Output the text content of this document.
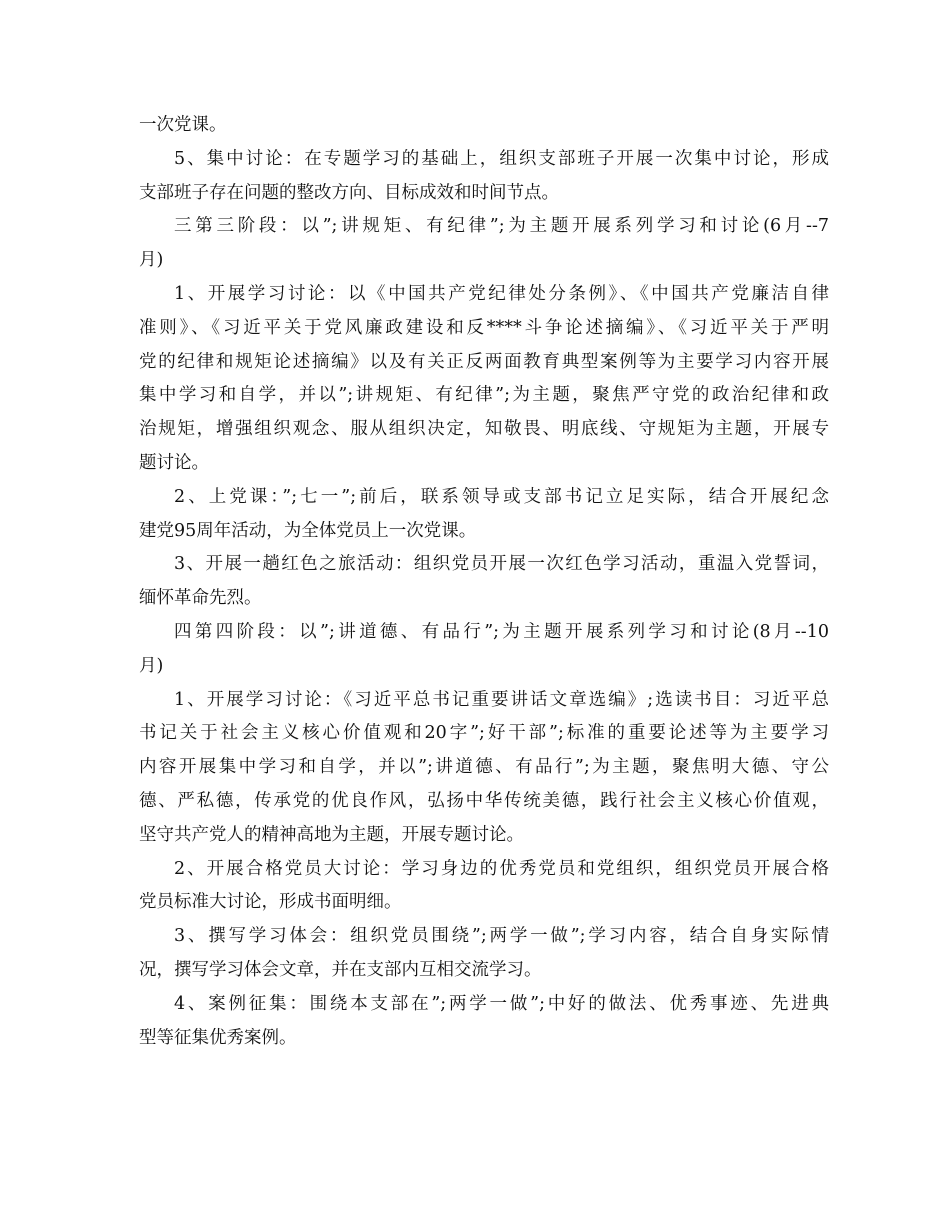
一次党课。
5、集中讨论：在专题学习的基础上，组织支部班子开展一次集中讨论，形成
支部班子存在问题的整改方向、目标成效和时间节点。
三第三阶段：以”;讲规矩、有纪律”;为主题开展系列学习和讨论(6月--7
月)
1、开展学习讨论：以《中国共产党纪律处分条例》、《中国共产党廉洁自律
准则》、《习近平关于党风廉政建设和反****斗争论述摘编》、《习近平关于严明
党的纪律和规矩论述摘编》以及有关正反两面教育典型案例等为主要学习内容开展
集中学习和自学，并以”;讲规矩、有纪律”;为主题，聚焦严守党的政治纪律和政
治规矩，增强组织观念、服从组织决定，知敬畏、明底线、守规矩为主题，开展专
题讨论。
2、上党课：”;七一”;前后，联系领导或支部书记立足实际，结合开展纪念
建党95周年活动，为全体党员上一次党课。
3、开展一趟红色之旅活动：组织党员开展一次红色学习活动，重温入党誓词，
缅怀革命先烈。
四第四阶段：以”;讲道德、有品行”;为主题开展系列学习和讨论(8月--10
月)
1、开展学习讨论：《习近平总书记重要讲话文章选编》;选读书目：习近平总
书记关于社会主义核心价值观和20字”;好干部”;标准的重要论述等为主要学习
内容开展集中学习和自学，并以”;讲道德、有品行”;为主题，聚焦明大德、守公
德、严私德，传承党的优良作风，弘扬中华传统美德，践行社会主义核心价值观，
坚守共产党人的精神高地为主题，开展专题讨论。
2、开展合格党员大讨论：学习身边的优秀党员和党组织，组织党员开展合格
党员标准大讨论，形成书面明细。
3、撰写学习体会：组织党员围绕”;两学一做”;学习内容，结合自身实际情
况，撰写学习体会文章，并在支部内互相交流学习。
4、案例征集：围绕本支部在”;两学一做”;中好的做法、优秀事迹、先进典
型等征集优秀案例。
